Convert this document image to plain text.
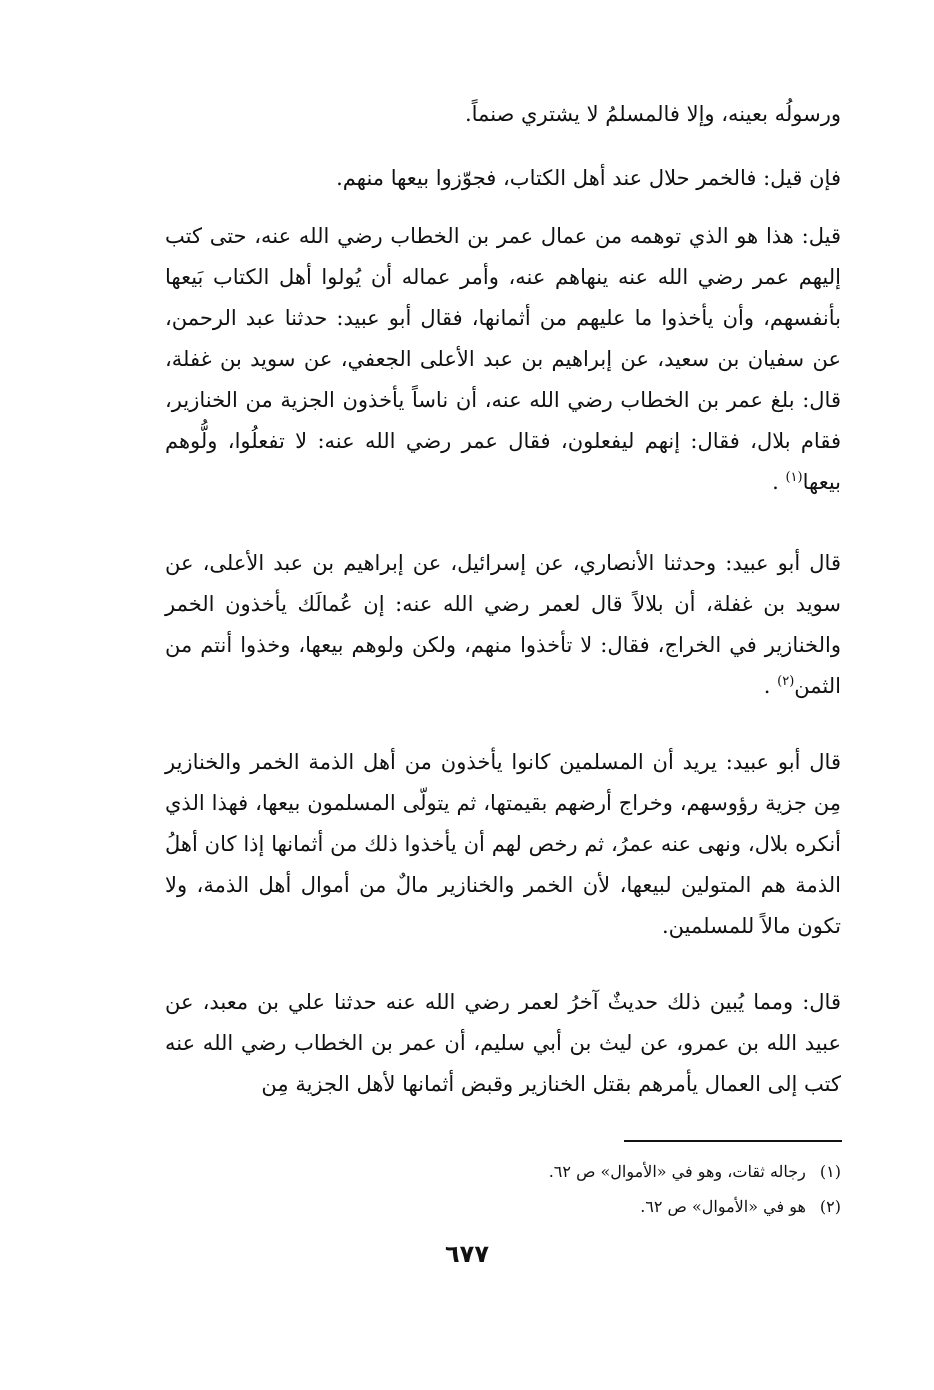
ورسولُه بعينه، وإلا فالمسلمُ لا يشتري صنماً.

فإن قيل: فالخمر حلال عند أهل الكتاب، فجوّزوا بيعها منهم.

قيل: هذا هو الذي توهمه من عمال عمر بن الخطاب رضي الله عنه، حتى كتب إليهم عمر رضي الله عنه ينهاهم عنه، وأمر عماله أن يُولوا أهل الكتاب بَيعها بأنفسهم، وأن يأخذوا ما عليهم من أثمانها، فقال أبو عبيد: حدثنا عبد الرحمن، عن سفيان بن سعيد، عن إبراهيم بن عبد الأعلى الجعفي، عن سويد بن غفلة، قال: بلغ عمر بن الخطاب رضي الله عنه، أن ناساً يأخذون الجزية من الخنازير، فقام بلال، فقال: إنهم ليفعلون، فقال عمر رضي الله عنه: لا تفعلُوا، ولُّوهم بيعها$^{(١)}$ .

قال أبو عبيد: وحدثنا الأنصاري، عن إسرائيل، عن إبراهيم بن عبد الأعلى، عن سويد بن غفلة، أن بلالاً قال لعمر رضي الله عنه: إن عُمالَك يأخذون الخمر والخنازير في الخراج، فقال: لا تأخذوا منهم، ولكن ولوهم بيعها، وخذوا أنتم من الثمن$^{(٢)}$ .

قال أبو عبيد: يريد أن المسلمين كانوا يأخذون من أهل الذمة الخمر والخنازير مِن جزية رؤوسهم، وخراج أرضهم بقيمتها، ثم يتولّى المسلمون بيعها، فهذا الذي أنكره بلال، ونهى عنه عمرُ، ثم رخص لهم أن يأخذوا ذلك من أثمانها إذا كان أهلُ الذمة هم المتولين لبيعها، لأن الخمر والخنازير مالٌ من أموال أهل الذمة، ولا تكون مالاً للمسلمين.

قال: ومما يُبين ذلك حديثٌ آخرُ لعمر رضي الله عنه حدثنا علي بن معبد، عن عبيد الله بن عمرو، عن ليث بن أبي سليم، أن عمر بن الخطاب رضي الله عنه كتب إلى العمال يأمرهم بقتل الخنازير وقبض أثمانها لأهل الجزية مِن

(١)رجاله ثقات، وهو في «الأموال» ص ٦٢.

(٢)هو في «الأموال» ص ٦٢.

٦٧٧
